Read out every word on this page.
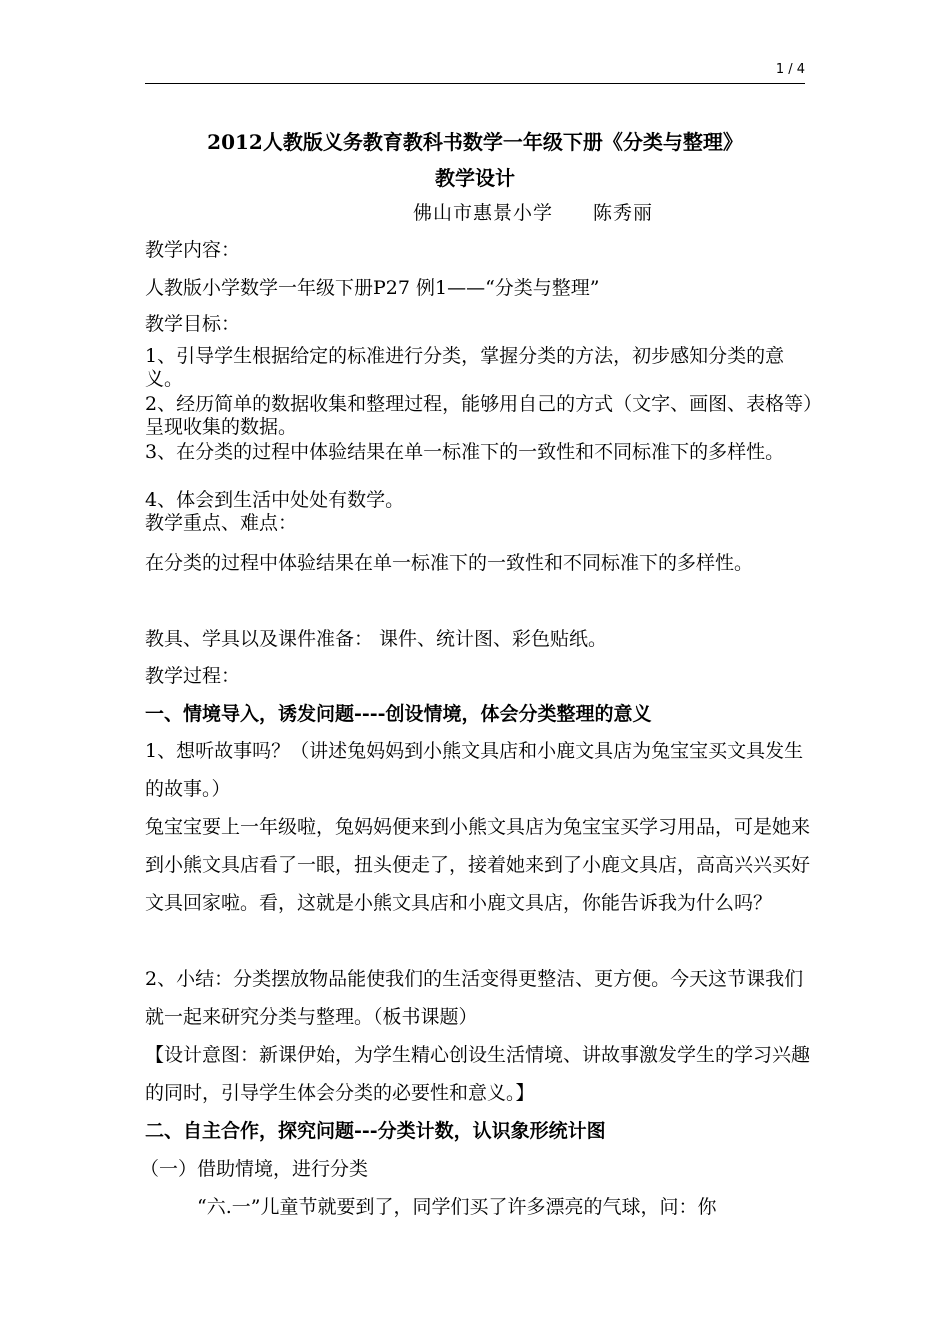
1 / 4
2012人教版义务教育教科书数学一年级下册《分类与整理》
教学设计
佛山市惠景小学 陈秀丽
教学内容：
人教版小学数学一年级下册P27 例1——“分类与整理”
教学目标：
1、引导学生根据给定的标准进行分类，掌握分类的方法，初步感知分类的意义。
2、经历简单的数据收集和整理过程，能够用自己的方式（文字、画图、表格等）呈现收集的数据。
3、在分类的过程中体验结果在单一标准下的一致性和不同标准下的多样性。
4、体会到生活中处处有数学。
教学重点、难点：
在分类的过程中体验结果在单一标准下的一致性和不同标准下的多样性。
教具、学具以及课件准备： 课件、统计图、彩色贴纸。
教学过程：
一、情境导入，诱发问题----创设情境，体会分类整理的意义
1、想听故事吗？（讲述兔妈妈到小熊文具店和小鹿文具店为兔宝宝买文具发生的故事。）
兔宝宝要上一年级啦，兔妈妈便来到小熊文具店为兔宝宝买学习用品，可是她来到小熊文具店看了一眼，扭头便走了，接着她来到了小鹿文具店，高高兴兴买好文具回家啦。看，这就是小熊文具店和小鹿文具店，你能告诉我为什么吗？
2、小结：分类摆放物品能使我们的生活变得更整洁、更方便。今天这节课我们就一起来研究分类与整理。（板书课题）
【设计意图：新课伊始，为学生精心创设生活情境、讲故事激发学生的学习兴趣的同时，引导学生体会分类的必要性和意义。】
二、自主合作，探究问题---分类计数，认识象形统计图
（一）借助情境，进行分类
“六.一”儿童节就要到了，同学们买了许多漂亮的气球，问：你
